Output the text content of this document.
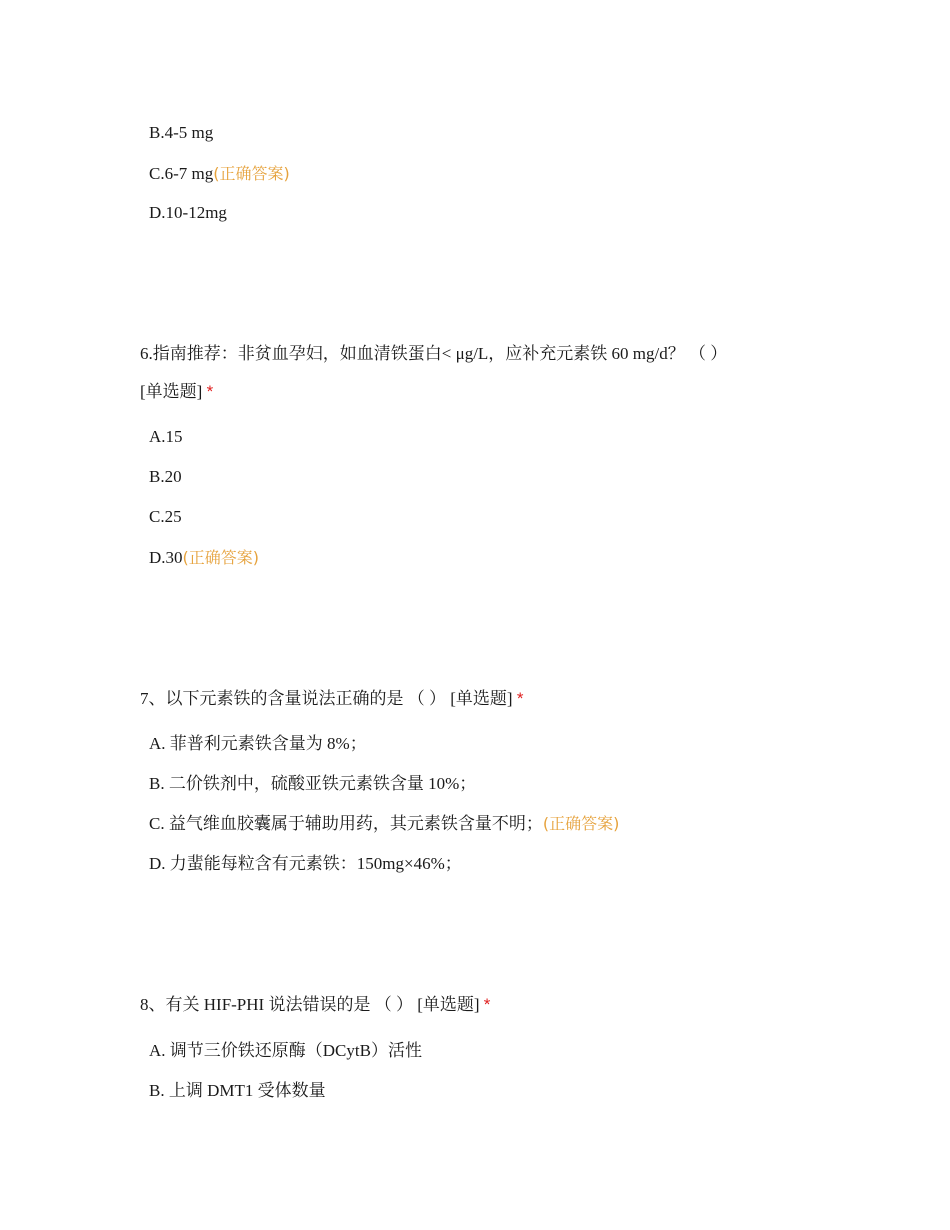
B.4-5 mg
C.6-7 mg(正确答案)
D.10-12mg
6.指南推荐：非贫血孕妇，如血清铁蛋白< μg/L，应补充元素铁 60 mg/d？ （ ）
[单选题] *
A.15
B.20
C.25
D.30(正确答案)
7、以下元素铁的含量说法正确的是 （ ） [单选题] *
A. 菲普利元素铁含量为 8%；
B. 二价铁剂中，硫酸亚铁元素铁含量 10%；
C. 益气维血胶囊属于辅助用药，其元素铁含量不明；(正确答案)
D. 力蜚能每粒含有元素铁：150mg×46%；
8、有关 HIF-PHI 说法错误的是 （ ） [单选题] *
A. 调节三价铁还原酶（DCytB）活性
B. 上调 DMT1 受体数量
